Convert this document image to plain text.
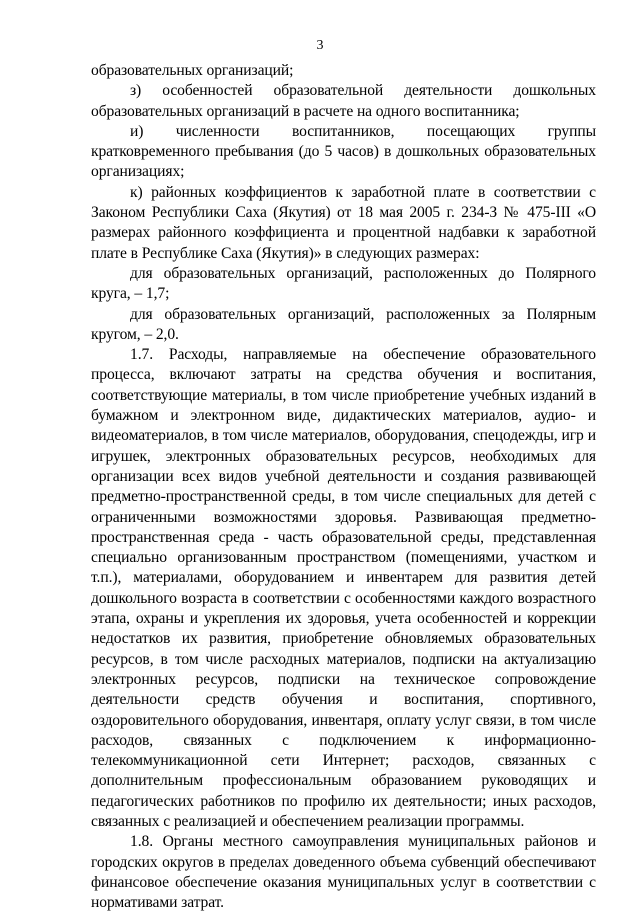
3

образовательных организаций;

з) особенностей образовательной деятельности дошкольных образовательных организаций в расчете на одного воспитанника;

и) численности воспитанников, посещающих группы кратковременного пребывания (до 5 часов) в дошкольных образовательных организациях;

к) районных коэффициентов к заработной плате в соответствии с Законом Республики Саха (Якутия) от 18 мая 2005 г. 234-З № 475-III «О размерах районного коэффициента и процентной надбавки к заработной плате в Республике Саха (Якутия)» в следующих размерах:

для образовательных организаций, расположенных до Полярного круга, – 1,7;

для образовательных организаций, расположенных за Полярным кругом, – 2,0.

1.7. Расходы, направляемые на обеспечение образовательного процесса, включают затраты на средства обучения и воспитания, соответствующие материалы, в том числе приобретение учебных изданий в бумажном и электронном виде, дидактических материалов, аудио- и видеоматериалов, в том числе материалов, оборудования, спецодежды, игр и игрушек, электронных образовательных ресурсов, необходимых для организации всех видов учебной деятельности и создания развивающей предметно-пространственной среды, в том числе специальных для детей с ограниченными возможностями здоровья. Развивающая предметно-пространственная среда - часть образовательной среды, представленная специально организованным пространством (помещениями, участком и т.п.), материалами, оборудованием и инвентарем для развития детей дошкольного возраста в соответствии с особенностями каждого возрастного этапа, охраны и укрепления их здоровья, учета особенностей и коррекции недостатков их развития, приобретение обновляемых образовательных ресурсов, в том числе расходных материалов, подписки на актуализацию электронных ресурсов, подписки на техническое сопровождение деятельности средств обучения и воспитания, спортивного, оздоровительного оборудования, инвентаря, оплату услуг связи, в том числе расходов, связанных с подключением к информационно-телекоммуникационной сети Интернет; расходов, связанных с дополнительным профессиональным образованием руководящих и педагогических работников по профилю их деятельности; иных расходов, связанных с реализацией и обеспечением реализации программы.

1.8. Органы местного самоуправления муниципальных районов и городских округов в пределах доведенного объема субвенций обеспечивают финансовое обеспечение оказания муниципальных услуг в соответствии с нормативами затрат.
